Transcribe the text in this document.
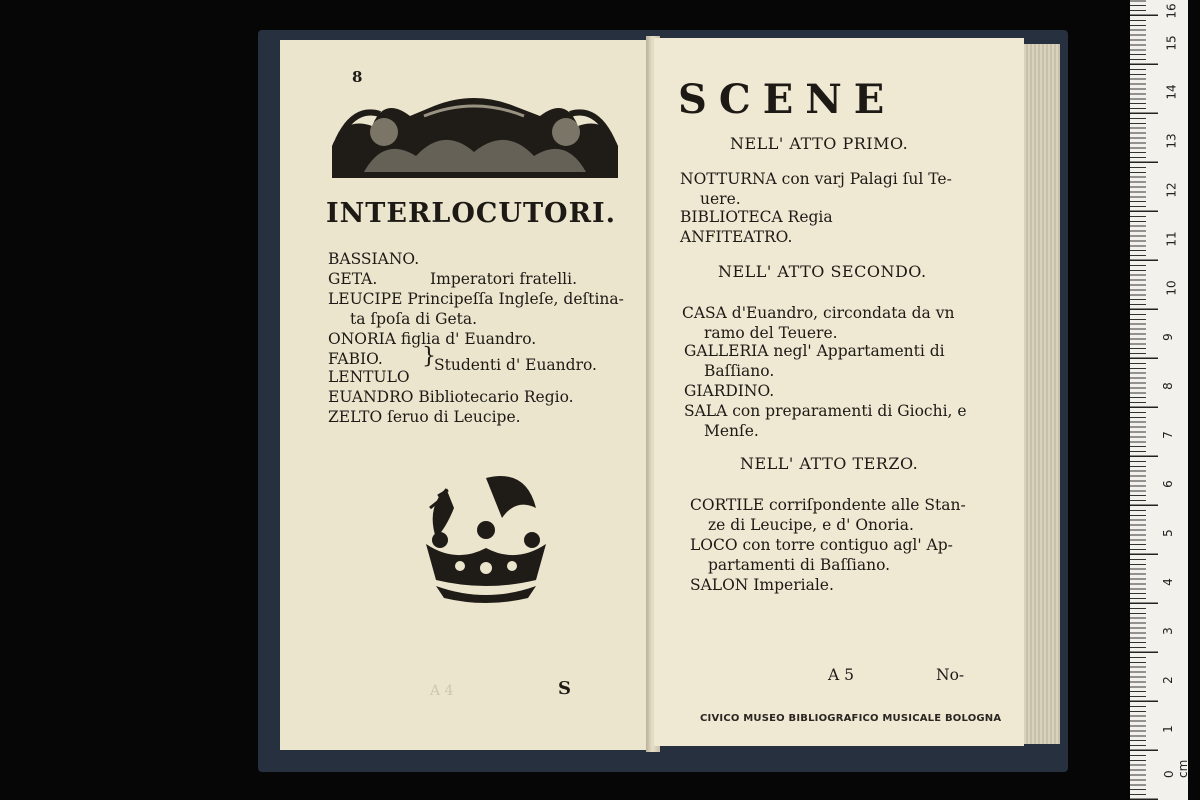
8
INTERLOCUTORI.
BASSIANO.
GETA.	Imperatori fratelli.
LEUCIPE Principeſſa Ingleſe, deſtina-
ta ſpoſa di Geta.
ONORIA figlia d' Euandro.
FABIO. }
Studenti d' Euandro.
LENTULO
EUANDRO Bibliotecario Regio.
ZELTO ſeruo di Leucipe.
A 4	S
SCENE
NELL' ATTO PRIMO.
NOTTURNA con varj Palagi ſul Te-
uere.
BIBLIOTECA Regia
ANFITEATRO.
NELL' ATTO SECONDO.
CASA d'Euandro, circondata da vn
ramo del Teuere.
GALLERIA negl' Appartamenti di
Baſſiano.
GIARDINO.
SALA con preparamenti di Giochi, e
Menſe.
NELL' ATTO TERZO.
CORTILE corriſpondente alle Stan-
ze di Leucipe, e d' Onoria.
LOCO con torre contiguo agl' Ap-
partamenti di Baſſiano.
SALON Imperiale.
A 5	No-
CIVICO MUSEO BIBLIOGRAFICO MUSICALE BOLOGNA
0 cm
1
2
3
4
5
6
7
8
9
10
11
12
13
14
15
16
